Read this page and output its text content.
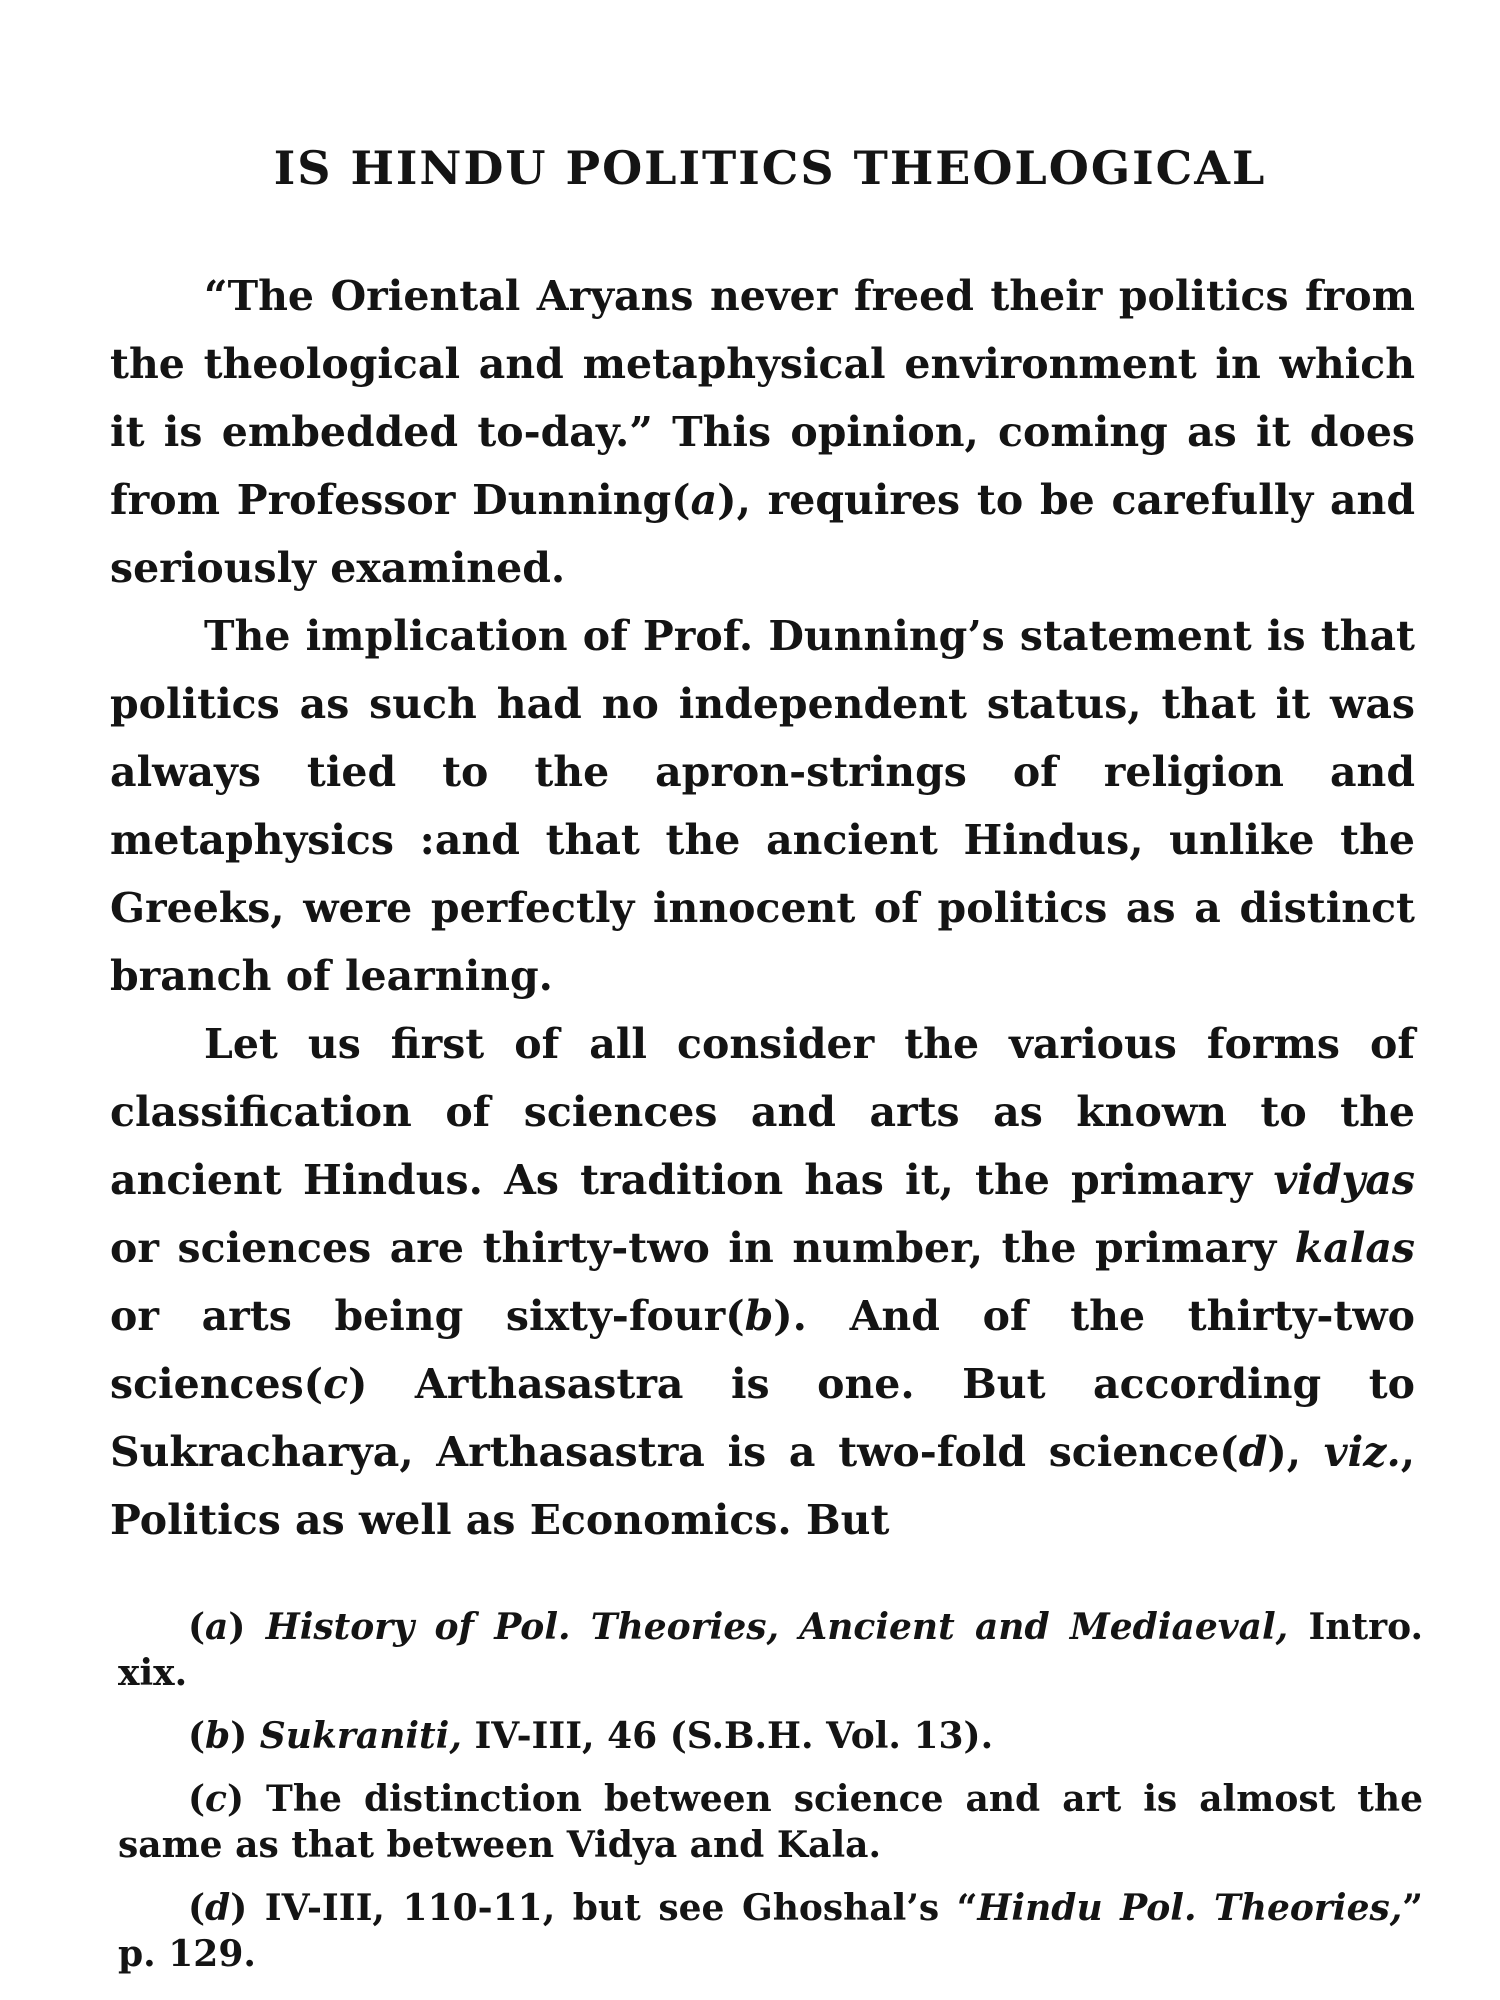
IS HINDU POLITICS THEOLOGICAL

“The Oriental Aryans never freed their politics from the theological and metaphysical environment in which it is embedded to-day.” This opinion, coming as it does from Professor Dunning(a), requires to be carefully and seriously examined.

The implication of Prof. Dunning’s statement is that politics as such had no independent status, that it was always tied to the apron-strings of religion and metaphysics :and that the ancient Hindus, unlike the Greeks, were perfectly innocent of politics as a distinct branch of learning.

Let us first of all consider the various forms of classification of sciences and arts as known to the ancient Hindus. As tradition has it, the primary vidyas or sciences are thirty-two in number, the primary kalas or arts being sixty-four(b). And of the thirty-two sciences(c) Arthasastra is one. But according to Sukracharya, Arthasastra is a two-fold science(d), viz., Politics as well as Economics. But

(a) History of Pol. Theories, Ancient and Mediaeval, Intro. xix.

(b) Sukraniti, IV-III, 46 (S.B.H. Vol. 13).

(c) The distinction between science and art is almost the same as that between Vidya and Kala.

(d) IV-III, 110-11, but see Ghoshal’s “Hindu Pol. Theories,” p. 129.
